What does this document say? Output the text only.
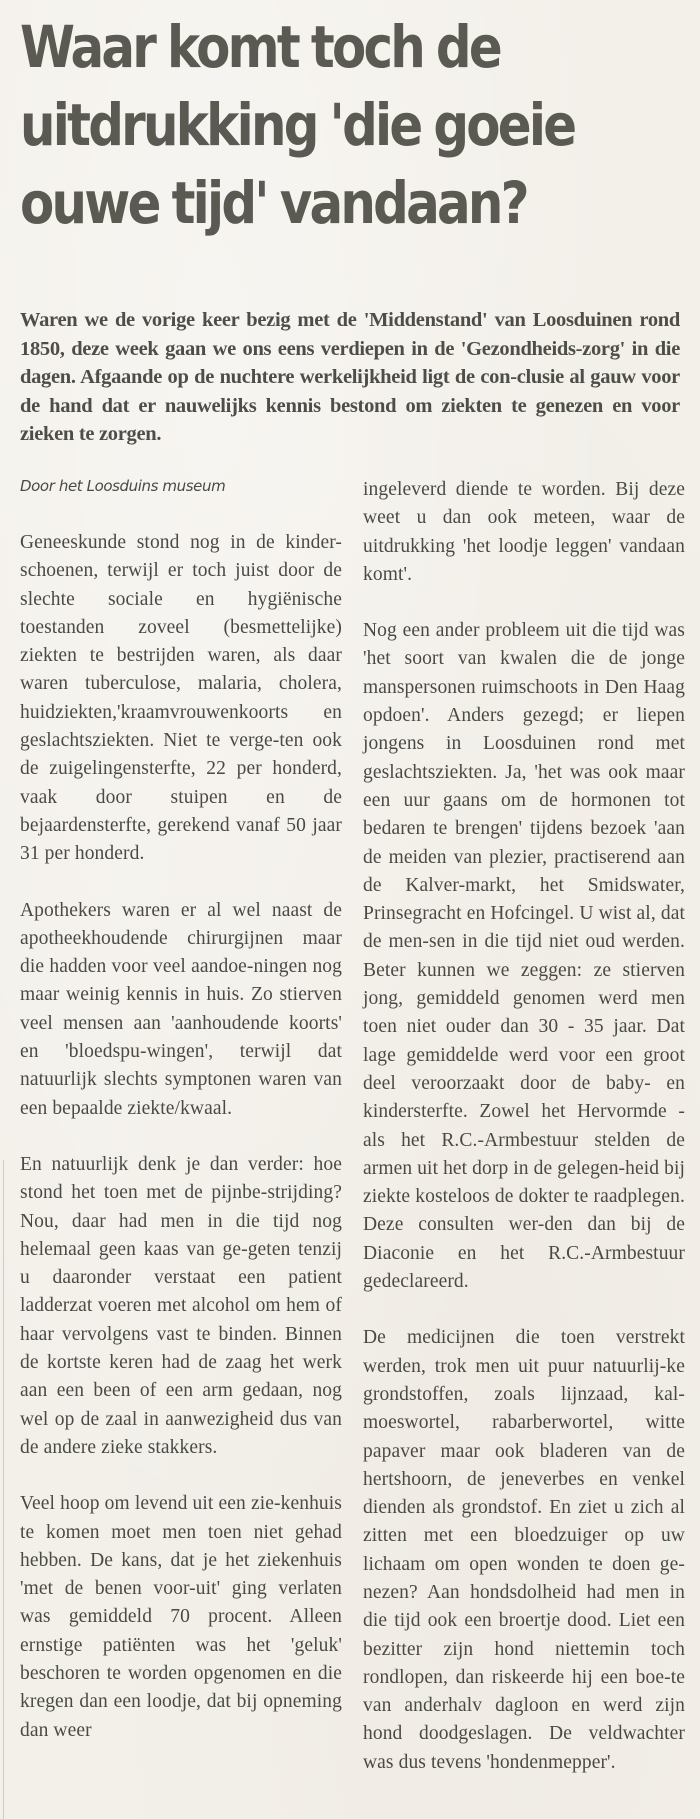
Waar komt toch de uitdrukking 'die goeie ouwe tijd' vandaan?

Waren we de vorige keer bezig met de 'Middenstand' van Loosduinen rond 1850, deze week gaan we ons eens verdiepen in de 'Gezondheids-zorg' in die dagen. Afgaande op de nuchtere werkelijkheid ligt de con-clusie al gauw voor de hand dat er nauwelijks kennis bestond om ziekten te genezen en voor zieken te zorgen.

Door het Loosduins museum

Geneeskunde stond nog in de kinder-schoenen, terwijl er toch juist door de slechte sociale en hygiënische toestanden zoveel (besmettelijke) ziekten te bestrijden waren, als daar waren tuberculose, malaria, cholera, huidziekten,'kraamvrouwenkoorts en geslachtsziekten. Niet te verge-ten ook de zuigelingensterfte, 22 per honderd, vaak door stuipen en de bejaardensterfte, gerekend vanaf 50 jaar 31 per honderd.

Apothekers waren er al wel naast de apotheekhoudende chirurgijnen maar die hadden voor veel aandoe-ningen nog maar weinig kennis in huis. Zo stierven veel mensen aan 'aanhoudende koorts' en 'bloedspu-wingen', terwijl dat natuurlijk slechts symptonen waren van een bepaalde ziekte/kwaal.

En natuurlijk denk je dan verder: hoe stond het toen met de pijnbe-strijding? Nou, daar had men in die tijd nog helemaal geen kaas van ge-geten tenzij u daaronder verstaat een patient ladderzat voeren met alcohol om hem of haar vervolgens vast te binden. Binnen de kortste keren had de zaag het werk aan een been of een arm gedaan, nog wel op de zaal in aanwezigheid dus van de andere zieke stakkers.

Veel hoop om levend uit een zie-kenhuis te komen moet men toen niet gehad hebben. De kans, dat je het ziekenhuis 'met de benen voor-uit' ging verlaten was gemiddeld 70 procent. Alleen ernstige patiënten was het 'geluk' beschoren te worden opgenomen en die kregen dan een loodje, dat bij opneming dan weer

ingeleverd diende te worden. Bij deze weet u dan ook meteen, waar de uitdrukking 'het loodje leggen' vandaan komt'.

Nog een ander probleem uit die tijd was 'het soort van kwalen die de jonge manspersonen ruimschoots in Den Haag opdoen'. Anders gezegd; er liepen jongens in Loosduinen rond met geslachtsziekten. Ja, 'het was ook maar een uur gaans om de hormonen tot bedaren te brengen' tijdens bezoek 'aan de meiden van plezier, practiserend aan de Kalver-markt, het Smidswater, Prinsegracht en Hofcingel. U wist al, dat de men-sen in die tijd niet oud werden. Beter kunnen we zeggen: ze stierven jong, gemiddeld genomen werd men toen niet ouder dan 30 - 35 jaar. Dat lage gemiddelde werd voor een groot deel veroorzaakt door de baby- en kindersterfte. Zowel het Hervormde - als het R.C.-Armbestuur stelden de armen uit het dorp in de gelegen-heid bij ziekte kosteloos de dokter te raadplegen. Deze consulten wer-den dan bij de Diaconie en het R.C.-Armbestuur gedeclareerd.

De medicijnen die toen verstrekt werden, trok men uit puur natuurlij-ke grondstoffen, zoals lijnzaad, kal-moeswortel, rabarberwortel, witte papaver maar ook bladeren van de hertshoorn, de jeneverbes en venkel dienden als grondstof. En ziet u zich al zitten met een bloedzuiger op uw lichaam om open wonden te doen ge-nezen? Aan hondsdolheid had men in die tijd ook een broertje dood. Liet een bezitter zijn hond niettemin toch rondlopen, dan riskeerde hij een boe-te van anderhalv dagloon en werd zijn hond doodgeslagen. De veldwachter was dus tevens 'hondenmepper'.
